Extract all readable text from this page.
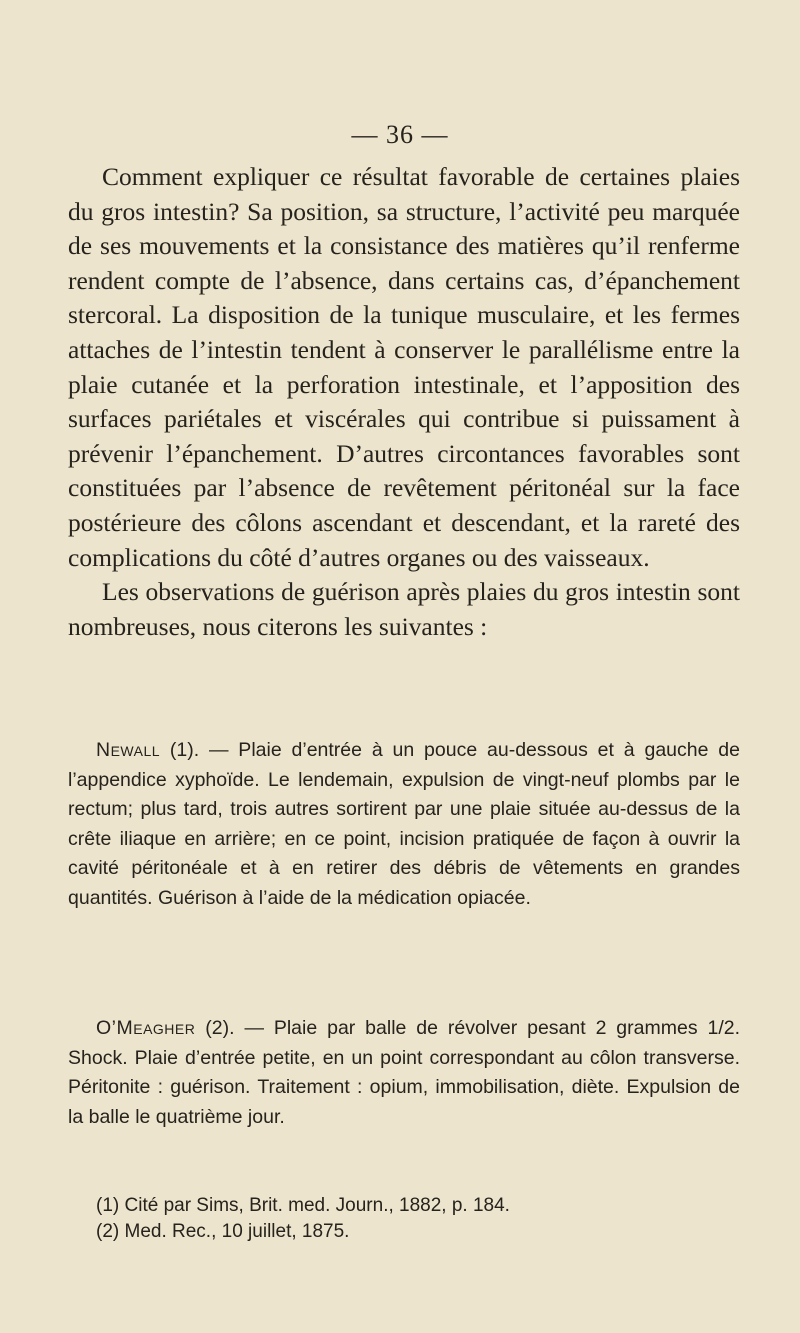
— 36 —

Comment expliquer ce résultat favorable de certaines plaies du gros intestin? Sa position, sa structure, l’activité peu marquée de ses mouvements et la consistance des matières qu’il renferme rendent compte de l’absence, dans certains cas, d’épanchement stercoral. La disposition de la tunique musculaire, et les fermes attaches de l’intestin tendent à conserver le parallélisme entre la plaie cutanée et la perforation intestinale, et l’apposition des surfaces pariétales et viscérales qui contribue si puissament à prévenir l’épanchement. D’autres circontances favorables sont constituées par l’absence de revêtement péritonéal sur la face postérieure des côlons ascendant et descendant, et la rareté des complications du côté d’autres organes ou des vaisseaux.

Les observations de guérison après plaies du gros intestin sont nombreuses, nous citerons les suivantes :

Newall (1). — Plaie d’entrée à un pouce au-dessous et à gauche de l’appendice xyphoïde. Le lendemain, expulsion de vingt-neuf plombs par le rectum; plus tard, trois autres sortirent par une plaie située au-dessus de la crête iliaque en arrière; en ce point, incision pratiquée de façon à ouvrir la cavité péritonéale et à en retirer des débris de vêtements en grandes quantités. Guérison à l’aide de la médication opiacée.

O’Meagher (2). — Plaie par balle de révolver pesant 2 grammes 1/2. Shock. Plaie d’entrée petite, en un point correspondant au côlon transverse. Péritonite : guérison. Traitement : opium, immobilisation, diète. Expulsion de la balle le quatrième jour.

(1) Cité par Sims, Brit. med. Journ., 1882, p. 184.
(2) Med. Rec., 10 juillet, 1875.
